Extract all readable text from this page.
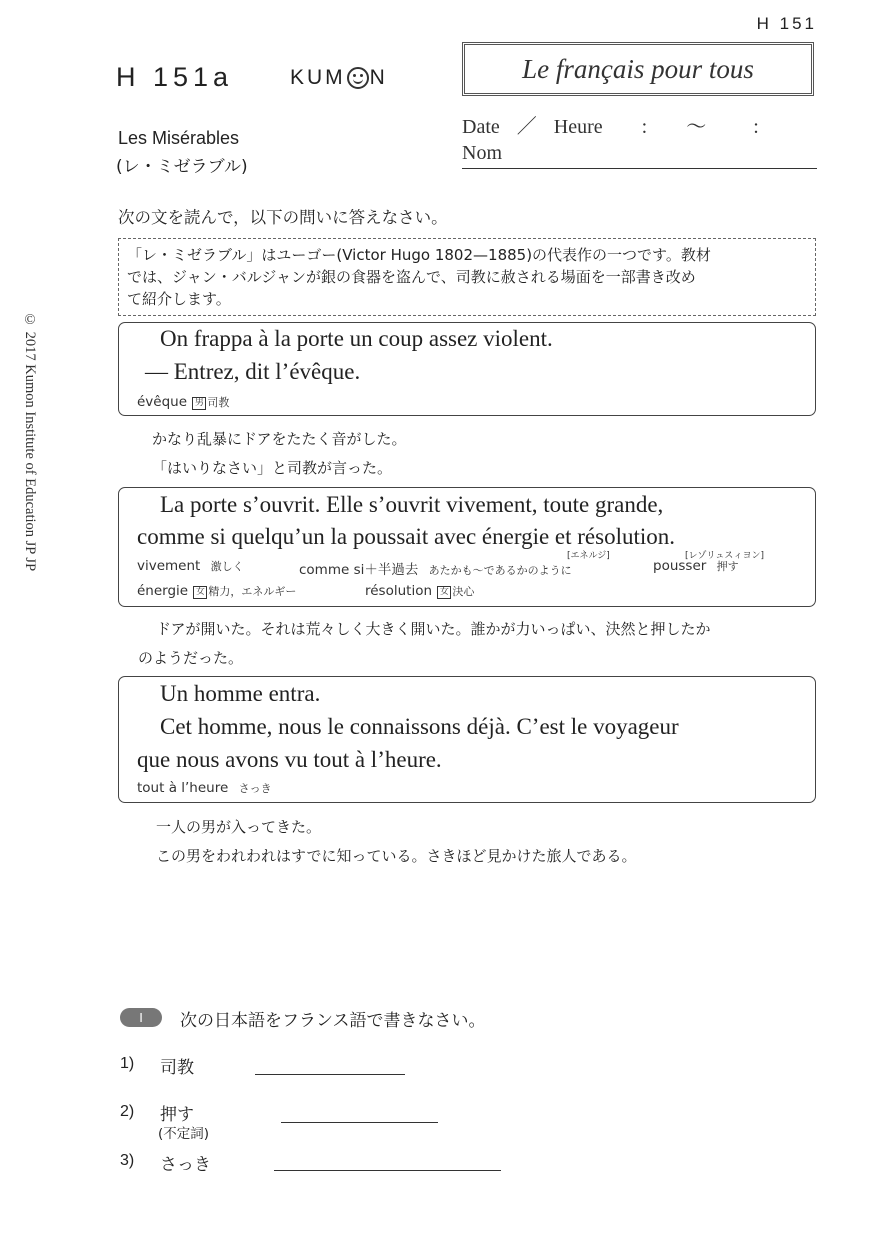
H 151
H 151a	KUM N	Le français pour tous
Date ／ Heure : 〜 :
Nom
Les Misérables
(レ・ミゼラブル)
© 2017 Kumon Institute of Education JP JP
次の文を読んで，以下の問いに答えなさい。
「レ・ミゼラブル」はユーゴー(Victor Hugo 1802—1885)の代表作の一つです。教材
では、ジャン・バルジャンが銀の食器を盗んで、司教に赦される場面を一部書き改め
て紹介します。
On frappa à la porte un coup assez violent.
— Entrez, dit l’évêque.
évêque 男 司教
かなり乱暴にドアをたたく音がした。
「はいりなさい」と司教が言った。
La porte s’ouvrit. Elle s’ouvrit vivement, toute grande,
comme si quelqu’un la poussait avec énergie et résolution.
[エネルジ]	[レゾリュスィヨン]
vivement 激しく	comme si＋半過去 あたかも〜であるかのように	pousser 押す
énergie 女 精力，エネルギー	résolution 女 決心
ドアが開いた。それは荒々しく大きく開いた。誰かが力いっぱい、決然と押したか
のようだった。
Un homme entra.
Cet homme, nous le connaissons déjà. C’est le voyageur
que nous avons vu tout à l’heure.
tout à l’heure さっき
一人の男が入ってきた。
この男をわれわれはすでに知っている。さきほど見かけた旅人である。
I	次の日本語をフランス語で書きなさい。
1) 司教
2) 押す
(不定詞)
3) さっき
